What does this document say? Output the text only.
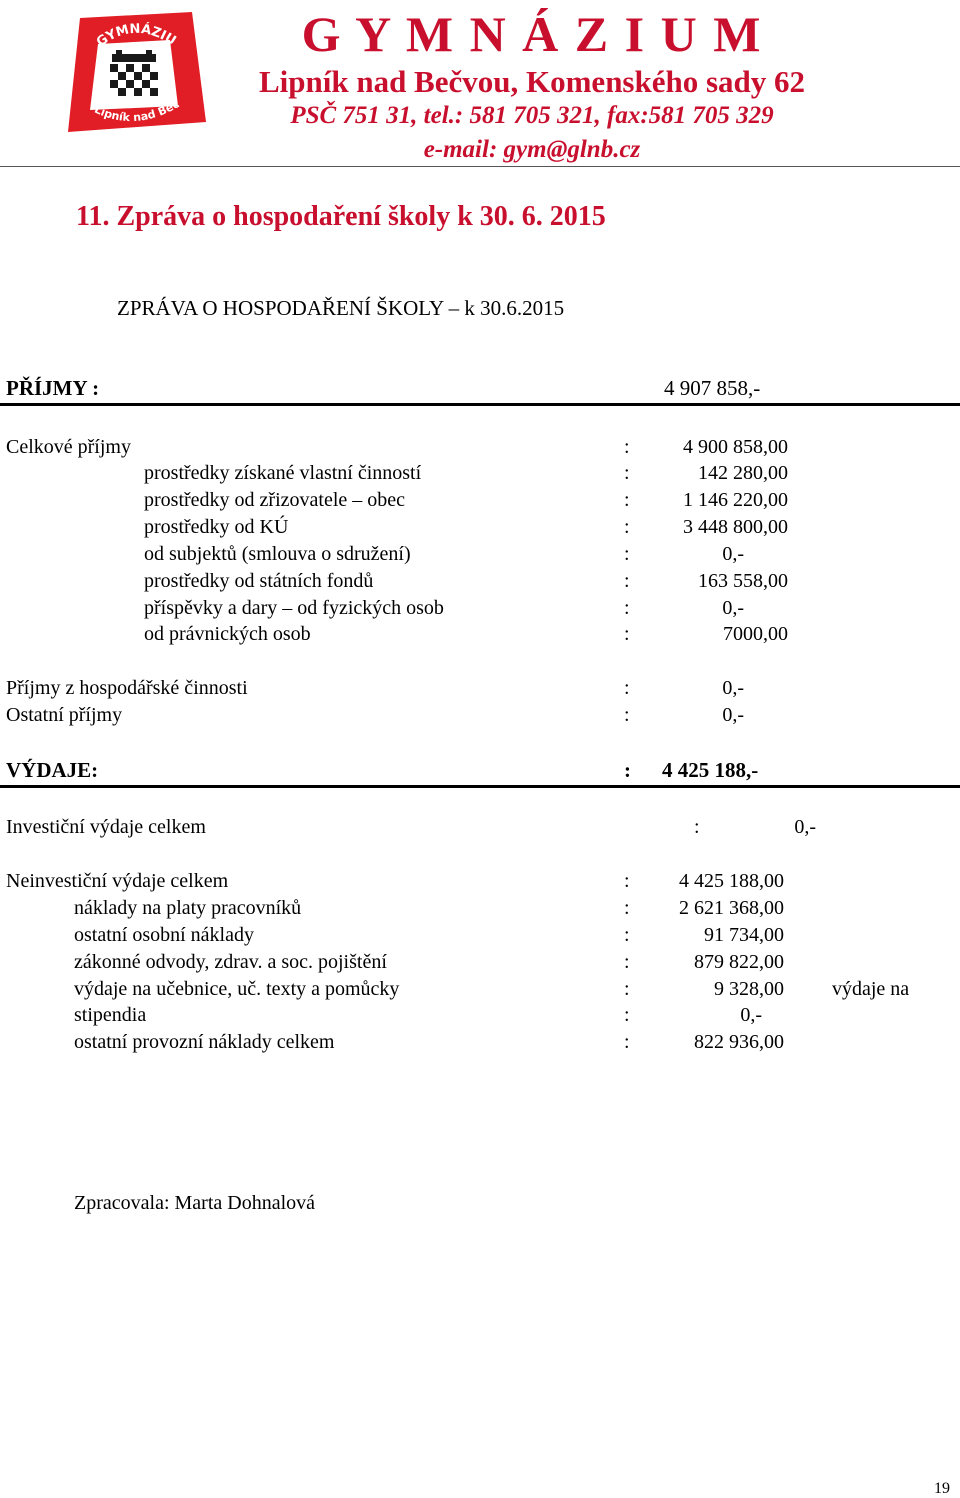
GYMNÁZIU
Lipník nad Beč
G Y M N Á Z I U M
Lipník nad Bečvou, Komenského sady 62
PSČ 751 31, tel.: 581 705 321, fax:581 705 329
e-mail: gym@glnb.cz
11. Zpráva o hospodaření školy k 30. 6. 2015
ZPRÁVA O HOSPODAŘENÍ ŠKOLY – k 30.6.2015
PŘÍJMY :	4 907 858,-
Celkové příjmy	:	4 900 858,00
prostředky získané vlastní činností	:	142 280,00
prostředky od zřizovatele – obec	:	1 146 220,00
prostředky od KÚ	:	3 448 800,00
od subjektů (smlouva o sdružení)	:	0,-
prostředky od státních fondů	:	163 558,00
příspěvky a dary – od fyzických osob	:	0,-
od právnických osob	:	7000,00
Příjmy z hospodářské činnosti	:	0,-
Ostatní příjmy	:	0,-
VÝDAJE:	: 4 425 188,-
Investiční výdaje celkem	:	0,-
Neinvestiční výdaje celkem	:	4 425 188,00
náklady na platy pracovníků	:	2 621 368,00
ostatní osobní náklady	:	91 734,00
zákonné odvody, zdrav. a soc. pojištění	:	879 822,00
výdaje na učebnice, uč. texty a pomůcky	:	9 328,00 výdaje na
stipendia	:	0,-
ostatní provozní náklady celkem	:	822 936,00
Zpracovala: Marta Dohnalová
19
